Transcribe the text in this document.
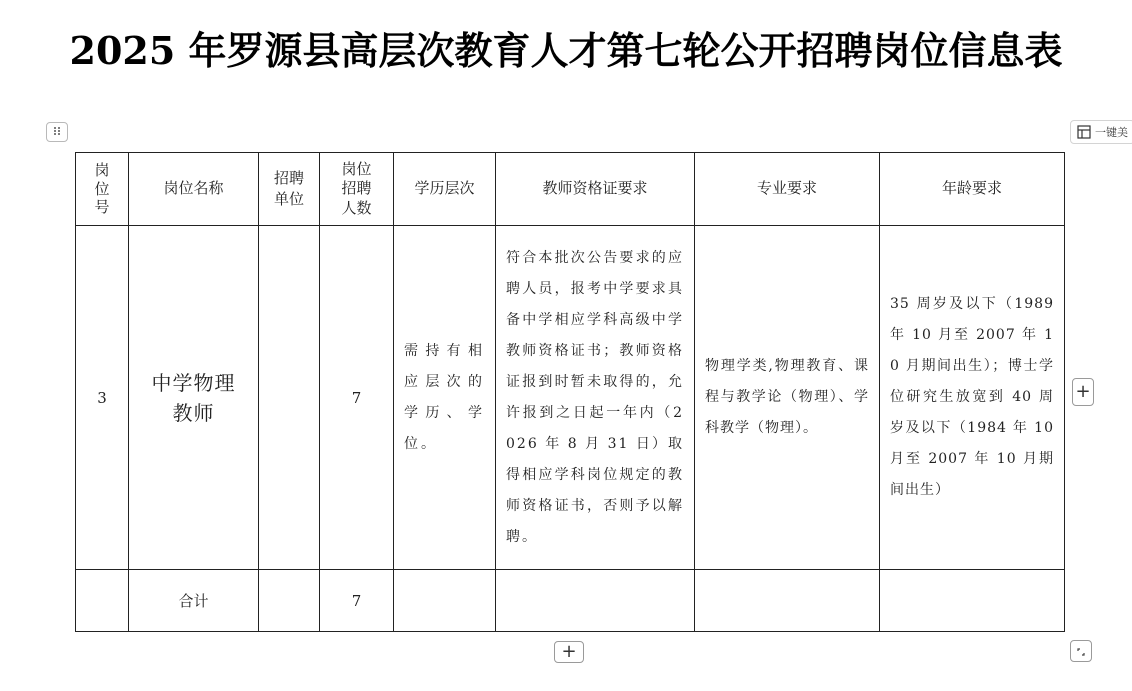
2025 年罗源县高层次教育人才第七轮公开招聘岗位信息表
一键美
岗位号	岗位名称	招聘单位	岗位招聘人数	学历层次	教师资格证要求	专业要求	年龄要求
3	中学物理教师		7	需持有相应层次的学历、学位。	符合本批次公告要求的应聘人员，报考中学要求具备中学相应学科高级中学教师资格证书；教师资格证报到时暂未取得的，允许报到之日起一年内（2026 年 8 月 31 日）取得相应学科岗位规定的教师资格证书，否则予以解聘。	物理学类,物理教育、课程与教学论（物理）、学科教学（物理）。	35 周岁及以下（1989 年 10 月至 2007 年 10 月期间出生）；博士学位研究生放宽到 40 周岁及以下（1984 年 10 月至 2007 年 10 月期间出生）

	合计		7				
+
+
